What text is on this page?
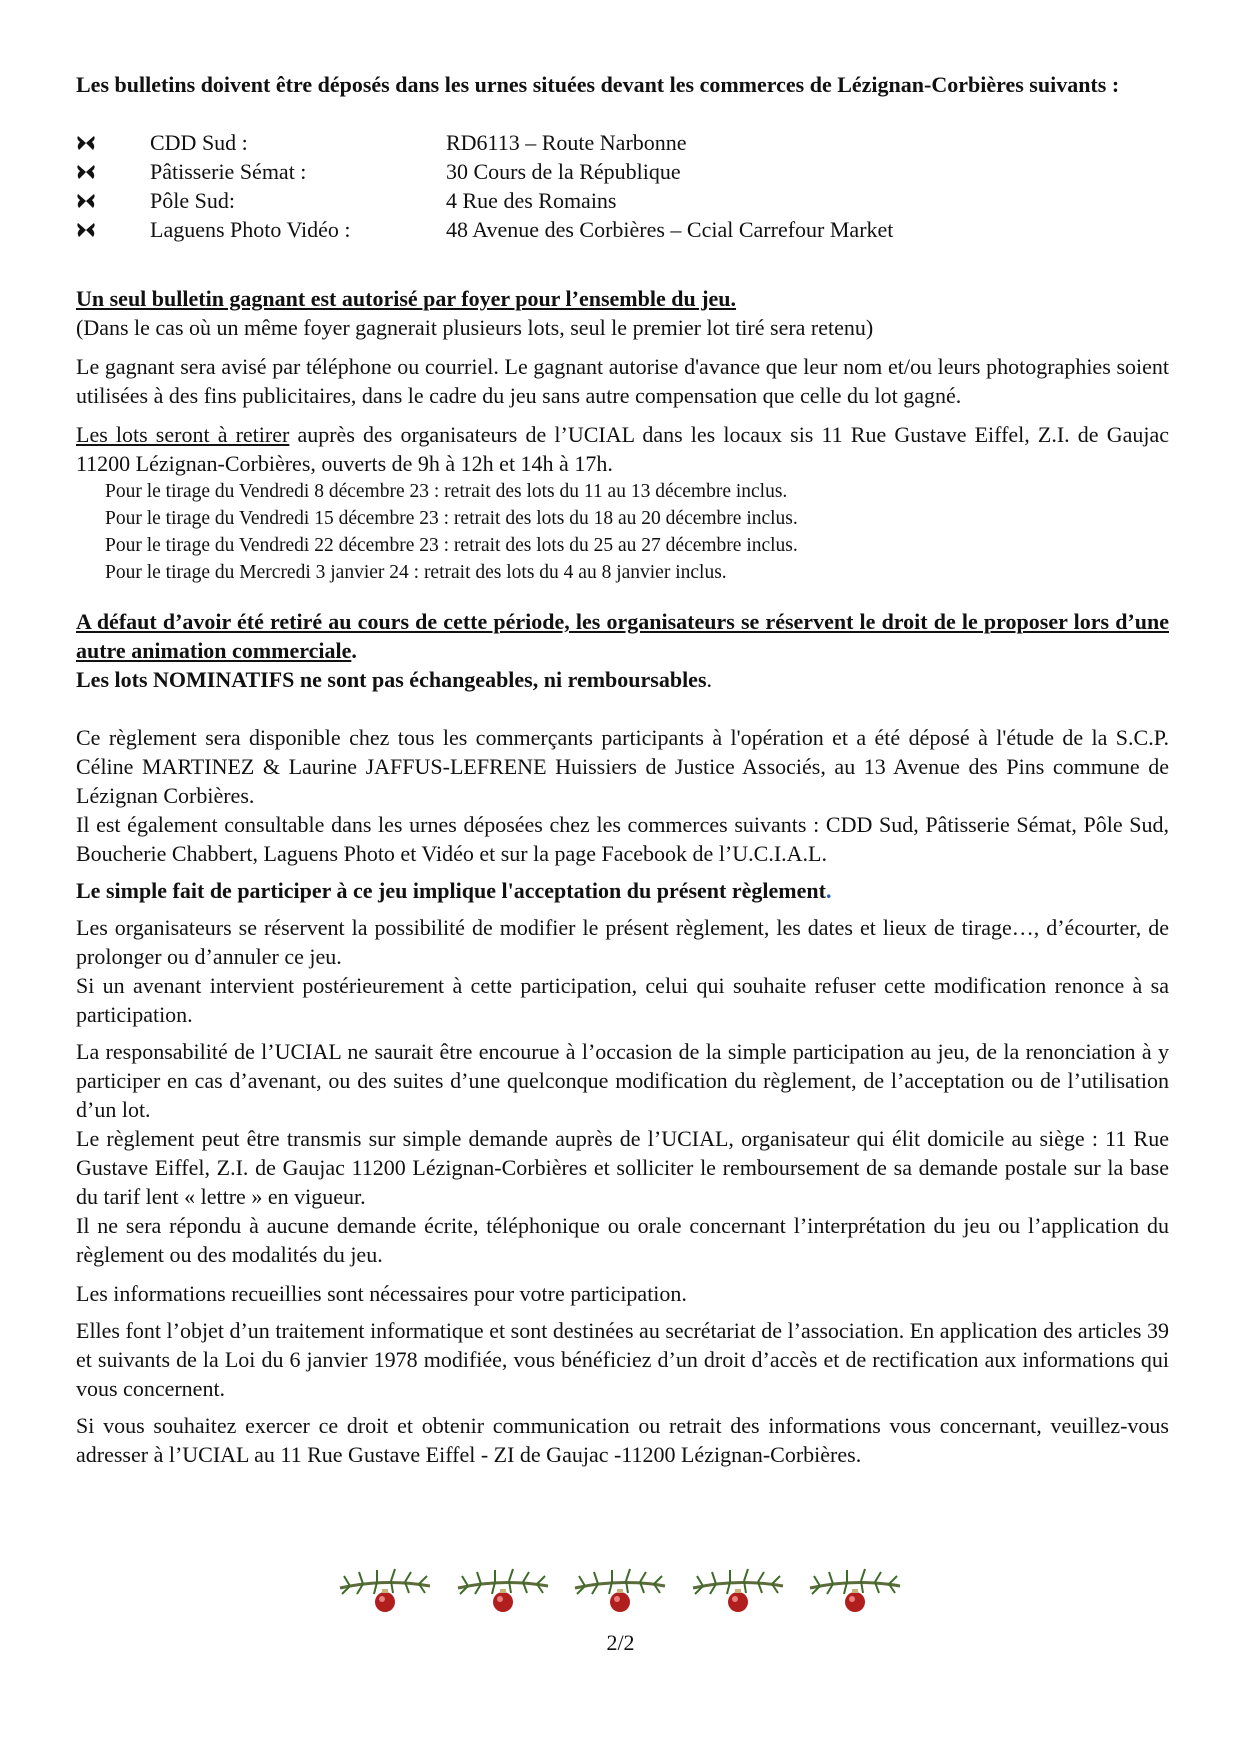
Les bulletins doivent être déposés dans les urnes situées devant les commerces de Lézignan-Corbières suivants :

CDD Sud :	RD6113 – Route Narbonne
Pâtisserie Sémat :	30 Cours de la République
Pôle Sud:	4 Rue des Romains
Laguens Photo Vidéo :	48 Avenue des Corbières – Ccial Carrefour Market

Un seul bulletin gagnant est autorisé par foyer pour l’ensemble du jeu.

(Dans le cas où un même foyer gagnerait plusieurs lots, seul le premier lot tiré sera retenu)

Le gagnant sera avisé par téléphone ou courriel. Le gagnant autorise d'avance que leur nom et/ou leurs photographies soient utilisées à des fins publicitaires, dans le cadre du jeu sans autre compensation que celle du lot gagné.

Les lots seront à retirer auprès des organisateurs de l’UCIAL dans les locaux sis 11 Rue Gustave Eiffel, Z.I. de Gaujac 11200 Lézignan-Corbières, ouverts de 9h à 12h et 14h à 17h.

Pour le tirage du Vendredi 8 décembre 23 : retrait des lots du 11 au 13 décembre inclus.
Pour le tirage du Vendredi 15 décembre 23 : retrait des lots du 18 au 20 décembre inclus.
Pour le tirage du Vendredi 22 décembre 23 : retrait des lots du 25 au 27 décembre inclus.
Pour le tirage du Mercredi 3 janvier 24 : retrait des lots du 4 au 8 janvier inclus.

A défaut d’avoir été retiré au cours de cette période, les organisateurs se réservent le droit de le proposer lors d’une autre animation commerciale.

Les lots NOMINATIFS ne sont pas échangeables, ni remboursables.

Ce règlement sera disponible chez tous les commerçants participants à l'opération et a été déposé à l'étude de la S.C.P. Céline MARTINEZ & Laurine JAFFUS-LEFRENE Huissiers de Justice Associés, au 13 Avenue des Pins commune de Lézignan Corbières.

Il est également consultable dans les urnes déposées chez les commerces suivants : CDD Sud, Pâtisserie Sémat, Pôle Sud, Boucherie Chabbert, Laguens Photo et Vidéo et sur la page Facebook de l’U.C.I.A.L.

Le simple fait de participer à ce jeu implique l'acceptation du présent règlement.

Les organisateurs se réservent la possibilité de modifier le présent règlement, les dates et lieux de tirage…, d’écourter, de prolonger ou d’annuler ce jeu.

Si un avenant intervient postérieurement à cette participation, celui qui souhaite refuser cette modification renonce à sa participation.

La responsabilité de l’UCIAL ne saurait être encourue à l’occasion de la simple participation au jeu, de la renonciation à y participer en cas d’avenant, ou des suites d’une quelconque modification du règlement, de l’acceptation ou de l’utilisation d’un lot.

Le règlement peut être transmis sur simple demande auprès de l’UCIAL, organisateur qui élit domicile au siège : 11 Rue Gustave Eiffel, Z.I. de Gaujac 11200 Lézignan-Corbières et solliciter le remboursement de sa demande postale sur la base du tarif lent « lettre » en vigueur.

Il ne sera répondu à aucune demande écrite, téléphonique ou orale concernant l’interprétation du jeu ou l’application du règlement ou des modalités du jeu.

Les informations recueillies sont nécessaires pour votre participation.

Elles font l’objet d’un traitement informatique et sont destinées au secrétariat de l’association. En application des articles 39 et suivants de la Loi du 6 janvier 1978 modifiée, vous bénéficiez d’un droit d’accès et de rectification aux informations qui vous concernent.

Si vous souhaitez exercer ce droit et obtenir communication ou retrait des informations vous concernant, veuillez-vous adresser à l’UCIAL au 11 Rue Gustave Eiffel - ZI de Gaujac -11200 Lézignan-Corbières.

2/2
